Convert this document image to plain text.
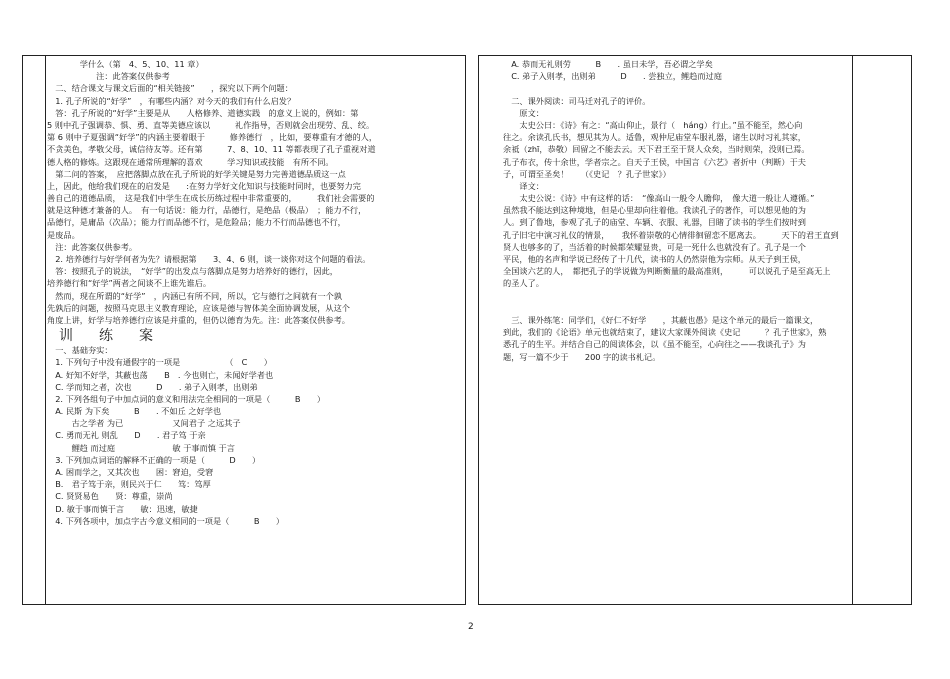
　　　　学什么（第　4、5、10、11 章）
　　　　　　注：此答案仅供参考
　二、结合课文与课文后面的“相关链接”　　，探究以下两个问题：
　1. 孔子所说的“好学”　，有哪些内涵？对今天的我们有什么启发？
　答：孔子所说的“好学”主要是从　　人格修养、道德实践　的意义上说的，例如：第
5 则中孔子强调恭、惧、勇、直等美德应该以　　　礼作指导，否则就会出现劳、乱、绞。
第 6 则中子夏强调“好学”的内涵主要着眼于　　　修养德行　，比如，要尊重有才德的人，
不贪美色，孝敬父母，诚信待友等。还有第　　　7、8、10、11 等都表现了孔子重视对道
德人格的修炼。这跟现在通常所理解的喜欢　　　学习知识或技能　有所不同。
　第二问的答案，　应把落脚点放在孔子所说的好学关键是努力完善道德品质这一点
上，因此，他给我们现在的启发是　　:在努力学好文化知识与技能时同时，也要努力完
善自己的道德品质，　这是我们中学生在成长历练过程中非常重要的，　　　我们社会需要的
就是这种德才兼备的人。　有一句话说：能力行，品德行，是绝品（极品）　；能力不行，
品德行，是庸品（次品）；能力行而品德不行，是危险品；能力不行而品德也不行，
是废品。
　注：此答案仅供参考。
　2. 培养德行与好学何者为先？请根据第　　3、4、6 则，谈一谈你对这个问题的看法。
　答：按照孔子的说法，　“好学”的出发点与落脚点是努力培养好的德行，因此，
培养德行和“好学”两者之间谈不上谁先谁后。
　然而，现在所谓的“好学”　，内涵已有所不同，所以，它与德行之间就有一个孰
先孰后的问题，按照马克思主义教育理论，应该是德与智体美全面协调发展，从这个
角度上讲，好学与培养德行应该是并重的，但仍以德育为先。注：此答案仅供参考。
训练案
　一、基础夯实：
　1. 下列句子中没有通假字的一项是　　　　　　（　C　　）
　A. 好知不好学，其蔽也荡　　B　. 今也则亡，未闻好学者也
　C. 学而知之者，次也　　　D　　. 弟子入则孝，出则弟
　2. 下列各组句子中加点词的意义和用法完全相同的一项是（　　　B　　）
　A. 民斯 为下矣　　　B　　. 不如丘 之好学也
　　　古之学者 为已　　　　　　又间君子 之远其子
　C. 勇而无礼 则乱　　D　　. 君子笃 于亲
　　　鯉趋 而过庭　　　　　　　敏 于事而慎 于言
　3. 下列加点词语的解释不正确的一项是（　　　D　　）
　A. 困而学之，又其次也　　困：窘迫，受窘
　B.　君子笃于亲，则民兴于仁　　笃：笃厚
　C. 贤贤易色　　贤：尊重，崇尚
　D. 敏于事而慎于言　　敏：迅速，敏捷
　4. 下列各项中，加点字古今意义相同的一项是（　　　B　　）
　A. 恭而无礼则劳　　　B　　. 虽日未学，吾必谓之学矣
　C. 弟子入则孝，出则弟　　　D　　. 尝独立，鲤趋而过庭
　二、课外阅读：司马迁对孔子的评价。
　　原文：
　　太史公曰：《诗》有之：“高山仰止，景行（　háng）行止。”虽不能至，然心向
往之。余读孔氏书，想见其为人。适鲁，观仲尼庙堂车服礼器，诸生以时习礼其家，
余祗（zhī，恭敬）回留之不能去云。天下君王至于贤人众矣，当时则荣，没则已焉。
孔子布衣，传十余世，学者宗之。自天子王侯，中国言《六艺》者折中（判断）于夫
子，可谓至圣矣！　　（《史记　？孔子世家》）
　　译文：
　　太史公说：《诗》中有这样的话：　“像高山一般令人瞻仰，　像大道一般让人遵循。”
虽然我不能达到这种境地，但是心里却向往着他。我读孔子的著作，可以想见他的为
人。到了鲁地，参观了孔子的庙堂、车辆、衣服、礼器，目睹了读书的学生们按时到
孔子旧宅中演习礼仪的情景，　　我怀着崇敬的心情徘徊留恋不愿离去。　　　天下的君王直到
贤人也够多的了，当活着的时候都荣耀显贵，可是一死什么也就没有了。孔子是一个
平民，他的名声和学说已经传了十几代，读书的人仍然崇他为宗师。从天子到王侯，
全国谈六艺的人，　都把孔子的学说做为判断衡量的最高准则，　　　可以说孔子是至高无上
的圣人了。
　三、课外练笔：同学们，《好仁不好学　　，其蔽也愚》是这个单元的最后一篇课文，
到此，我们的《论语》单元也就结束了，建议大家课外阅读《史记　　　？孔子世家》，熟
悉孔子的生平。并结合自己的阅读体会，以《虽不能至，心向往之——我谈孔子》为
题，写一篇不少于　　200 字的读书札记。
2
